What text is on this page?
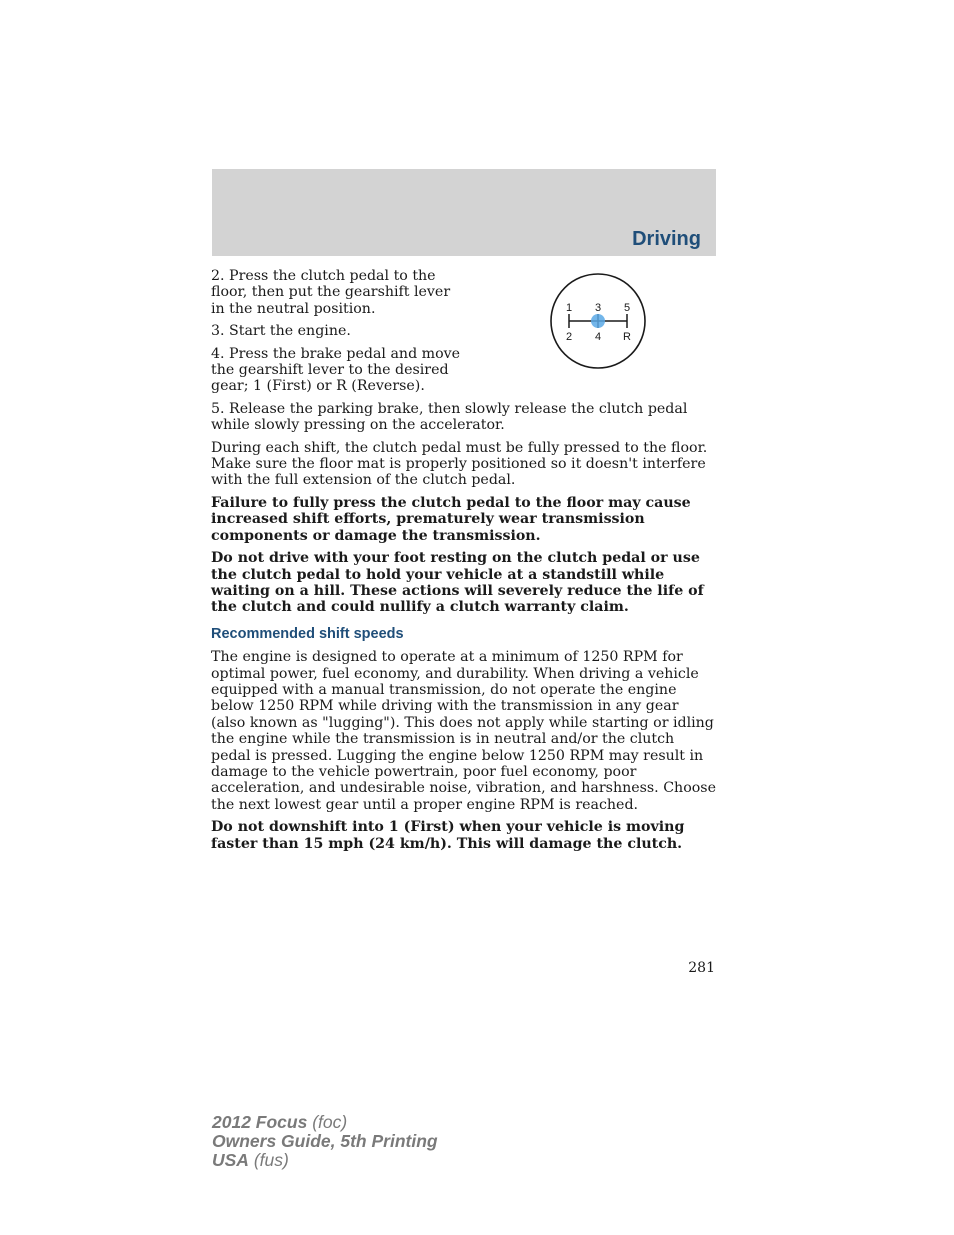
Driving
1 3 5
2 4 R

2. Press the clutch pedal to the floor, then put the gearshift lever in the neutral position.

3. Start the engine.

4. Press the brake pedal and move the gearshift lever to the desired gear; 1 (First) or R (Reverse).

5. Release the parking brake, then slowly release the clutch pedal while slowly pressing on the accelerator.

During each shift, the clutch pedal must be fully pressed to the floor. Make sure the floor mat is properly positioned so it doesn't interfere with the full extension of the clutch pedal.

Failure to fully press the clutch pedal to the floor may cause increased shift efforts, prematurely wear transmission components or damage the transmission.

Do not drive with your foot resting on the clutch pedal or use the clutch pedal to hold your vehicle at a standstill while waiting on a hill. These actions will severely reduce the life of the clutch and could nullify a clutch warranty claim.

Recommended shift speeds

The engine is designed to operate at a minimum of 1250 RPM for optimal power, fuel economy, and durability. When driving a vehicle equipped with a manual transmission, do not operate the engine below 1250 RPM while driving with the transmission in any gear (also known as "lugging"). This does not apply while starting or idling the engine while the transmission is in neutral and/or the clutch pedal is pressed. Lugging the engine below 1250 RPM may result in damage to the vehicle powertrain, poor fuel economy, poor acceleration, and undesirable noise, vibration, and harshness. Choose the next lowest gear until a proper engine RPM is reached.

Do not downshift into 1 (First) when your vehicle is moving faster than 15 mph (24 km/h). This will damage the clutch.

281
2012 Focus (foc)
Owners Guide, 5th Printing
USA (fus)
